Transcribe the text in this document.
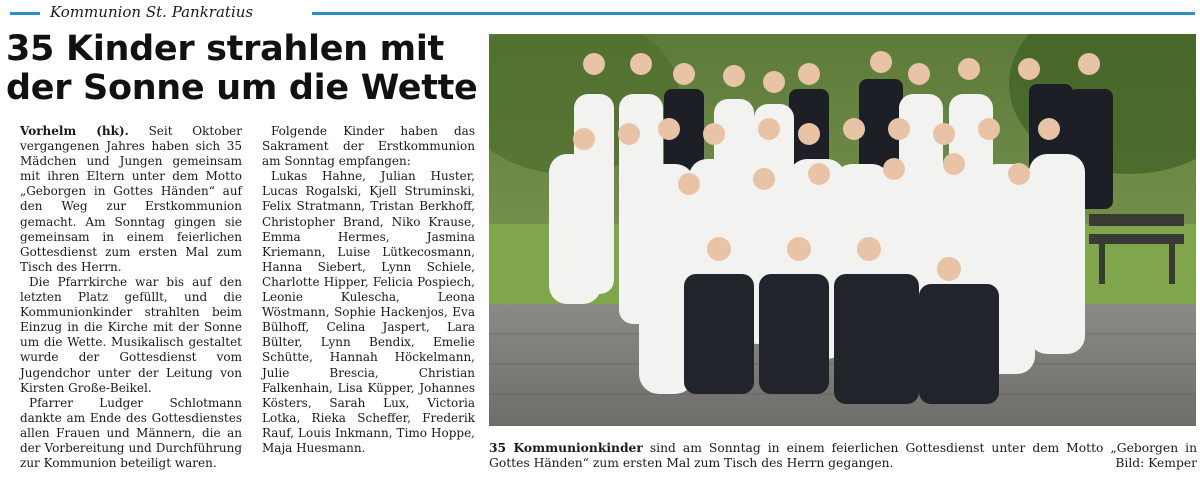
Kommunion St. Pankratius
35 Kinder strahlen mit der Sonne um die Wette

Vorhelm (hk). Seit Oktober vergangenen Jahres haben sich 35 Mädchen und Jungen gemeinsam mit ihren Eltern unter dem Motto „Geborgen in Gottes Händen“ auf den Weg zur Erstkommunion gemacht. Am Sonntag gingen sie gemeinsam in einem feierlichen Gottesdienst zum ersten Mal zum Tisch des Herrn.

Die Pfarrkirche war bis auf den letzten Platz gefüllt, und die Kommunionkinder strahlten beim Einzug in die Kirche mit der Sonne um die Wette. Musikalisch gestaltet wurde der Gottesdienst vom Jugendchor unter der Leitung von Kirsten Große-Beikel.

Pfarrer Ludger Schlotmann dankte am Ende des Gottesdienstes allen Frauen und Männern, die an der Vorbereitung und Durchführung zur Kommunion beteiligt waren.

Folgende Kinder haben das Sakrament der Erstkommunion am Sonntag empfangen:

Lukas Hahne, Julian Huster, Lucas Rogalski, Kjell Struminski, Felix Stratmann, Tristan Berkhoff, Christopher Brand, Niko Krause, Emma Hermes, Jasmina Kriemann, Luise Lütkecosmann, Hanna Siebert, Lynn Schiele, Charlotte Hipper, Felicia Pospiech, Leonie Kulescha, Leona Wöstmann, Sophie Hackenjos, Eva Bülhoff, Celina Jaspert, Lara Bülter, Lynn Bendix, Emelie Schütte, Hannah Höckelmann, Julie Brescia, Christian Falkenhain, Lisa Küpper, Johannes Kösters, Sarah Lux, Victoria Lotka, Rieka Scheffer, Frederik Rauf, Louis Inkmann, Timo Hoppe, Maja Huesmann.	35 Kommunionkinder sind am Sonntag in einem feierlichen Gottesdienst unter dem Motto „Geborgen in Gottes Händen“ zum ersten Mal zum Tisch des Herrn gegangen.	Bild: Kemper
